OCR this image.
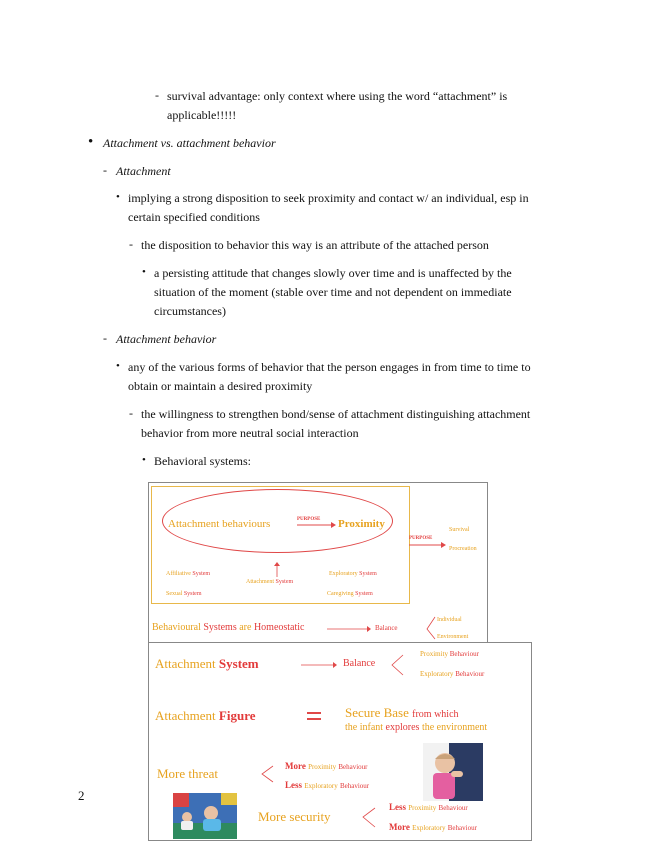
- survival advantage: only context where using the word “attachment” is
applicable!!!!!
• Attachment vs. attachment behavior
- Attachment
• implying a strong disposition to seek proximity and contact w/ an individual, esp in
certain specified conditions
- the disposition to behavior this way is an attribute of the attached person
• a persisting attitude that changes slowly over time and is unaffected by the
situation of the moment (stable over time and not dependent on immediate
circumstances)
- Attachment behavior
• any of the various forms of behavior that the person engages in from time to time to
obtain or maintain a desired proximity
- the willingness to strengthen bond/sense of attachment distinguishing attachment
behavior from more neutral social interaction
• Behavioral systems:
2
Attachment behaviours	PURPOSE Proximity
PURPOSE
Survival
Procreation
Affiliative System
Attachment System
Exploratory System
Sexual System	Caregiving System
Behavioural Systems are Homeostatic	Balance
Individual
Environment
Attachment System	Balance
Proximity Behaviour
Exploratory Behaviour
Attachment Figure	Secure Base from which
the infant explores the environment
More threat	More Proximity Behaviour
Less Exploratory Behaviour
More security
Less Proximity Behaviour
More Exploratory Behaviour
